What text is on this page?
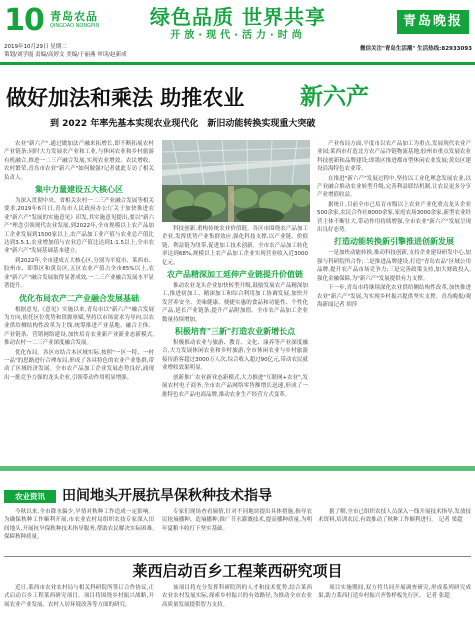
10 青岛农品
QINGDAO NONGPIN	绿色品质 世界共享
开放·现代·活力·时尚
2019年10月29日 星期二
策划/刘学霞 责编/高婷文 美编/于丽燕 审读/赵新成
青岛晚报
微信关注"青岛生活潮" 生活热线:82933093
做好加法和乘法 助推农业	新六产
到 2022 年率先基本实现农业现代化　新旧动能转换实现重大突破

农业"新六产",通过做加法产融来拓增长,即不断拓展农村产业链条;同时大力发展农产业和工业,与休闲农业和乡村旅游有机融合,推进一二三产融合发展,实现农业增效、农民增收、农村繁荣,青岛市农业"新六产"如何做强?记者就此专访了相关负责人。

集中力量建设五大核心区

为深入贯彻中央、省相关农村一二三产业融合发展等相关要求,2019年6月日,青岛市人民政府办公厅关于加快推进农业"新六产"发展的实施意见》印发,其实施意见提出,要以"新六产"理念引领现代农业发展,到2022年,全市规模以上农产品加工企业发展到1500家以上,农产品加工业产值与农业总产值比达到3.5:1,农业增加值与农业总产值比达到1:1.5以上,全市农业"新六产"发展基础基本建立。

到2022年,全市建成五大核心区,分别为平度市、莱西市、胶州市、即墨区和黄岛区,五区农业产值占全市85%以上,农业"新六产"融合发展取得显著成效,一二三产业融合发展水平显著提升。

优化布局农产二产业融合发展基础

根据意见,《意见》实施以来,青岛市以"新六产"融合发展为方向,依托区位优势和资源禀赋,坚持以市场需求为导向,以农业供给侧结构性改革为主线,统筹推进产业基地、融合主体、产业链条、营销网络建设,加快培育农业新产业新业态新模式,推动农村一二三产业深度融合发展。

优化布局。各区市结合本区域实际,按照"一区一特、一村一品"的思路进行合理布局,形成了各具特色的农业产业集群,带动了区域经济发展。全市农产品加工企业发展态势良好,涌现出一批竞争力强的龙头企业,引领带动作用明显增强。

科技创新,重构传统农业价值链。各区市围绕农产品加工企业,发挥优势产业集群效应,强化科技支撑,以产业链、价值链、利益链为纽带,促进加工技术创新。全市农产品加工转化率达到68%,规模以上农产品加工企业实现营业收入近3000亿元。

农产品精深加工延伸产业链提升价值链

推动农业龙头企业加快转型升级,鼓励发展农产品精深加工,推进初加工、精深加工和综合利用加工协调发展,加快开发营养安全、美味健康、便捷实惠的食品和功能性、个性化产品,延长产业链条,提升产品附加值。全市农产品加工企业数量持续增加。

积极培育"三新"打造农业新增长点

积极推动农业与旅游、教育、文化、康养等产业深度融合,大力发展休闲农业和乡村旅游,全市休闲农业与乡村旅游接待游客超过3000万人次,综合收入超过90亿元,带动农民就业增收效果明显。

创新推广农业新业态新模式,大力推进"互联网+农业",发展农村电子商务,全市农产品网络零售额增长迅速,形成了一批特色农产品电商品牌,推动农业生产经营方式变革。

产业布局方面,平度市以农产品加工为重点,发展现代农业产业园;莱西市打造北方农产品冷链物流基地;胶州市重点发展农业科技创新和品牌建设;即墨区推进都市型休闲农业发展;黄岛区建设沿海特色农业带。

在推进"新六产"发展过程中,坚持以工业化理念发展农业,以产业融合推动农业转型升级,完善利益联结机制,让农民更多分享产业增值收益。

据统计,目前全市已培育市级以上农业产业化重点龙头企业500余家,农民合作社8000余家,家庭农场3000余家,新型农业经营主体不断壮大,带动作用持续增强,全市农业"新六产"发展呈现出良好态势。

打造动能转换新引擎推进创新发展

一是加快动能转换,推动科技创新,支持企业建设研发中心,加强与科研院所合作;二是推进品牌建设,打造"青岛农品"区域公用品牌,提升农产品市场竞争力;三是完善政策支持,加大财政投入,强化金融保障,为"新六产"发展提供有力支撑。

下一步,青岛市将继续深化农业供给侧结构性改革,加快推进农业"新六产"发展,为实现乡村振兴提供坚实支撑。青岛晚报/观海新闻记者 胡萍

农业资讯	田间地头开展抗旱保秋种技术指导

今秋以来,全市降水偏少,旱情对秋种工作造成一定影响。为确保秋种工作顺利开展,市农业农村局组织农技专家深入田间地头,开展抗旱保秋种技术指导服务,帮助农民解决实际困难,保障秋种质量。

专家们现场查看墒情,针对不同地块提出具体措施,指导农民抢墒播种、造墒播种,推广节水灌溉技术,提高播种质量,为明年夏粮丰收打下坚实基础。

据了解,全市已组织农技人员深入一线开展技术指导,发放技术资料,培训农民,有效推动了秋种工作顺利进行。 记者 梁超

莱西启动百乡工程莱西研究项目

近日,莱西市农业农村局与相关科研院所签订合作协议,正式启动百乡工程莱西研究项目。项目将围绕乡村振兴战略,开展农业产业发展、农村人居环境改善等方面的研究。

该项目将充分发挥科研院所的人才和技术优势,结合莱西农业农村发展实际,探索乡村振兴的有效路径,为推动全市农业高质量发展提供智力支持。

项目实施期间,双方将共同开展调查研究,形成系列研究成果,助力莱西打造乡村振兴齐鲁样板先行区。 记者 张超
